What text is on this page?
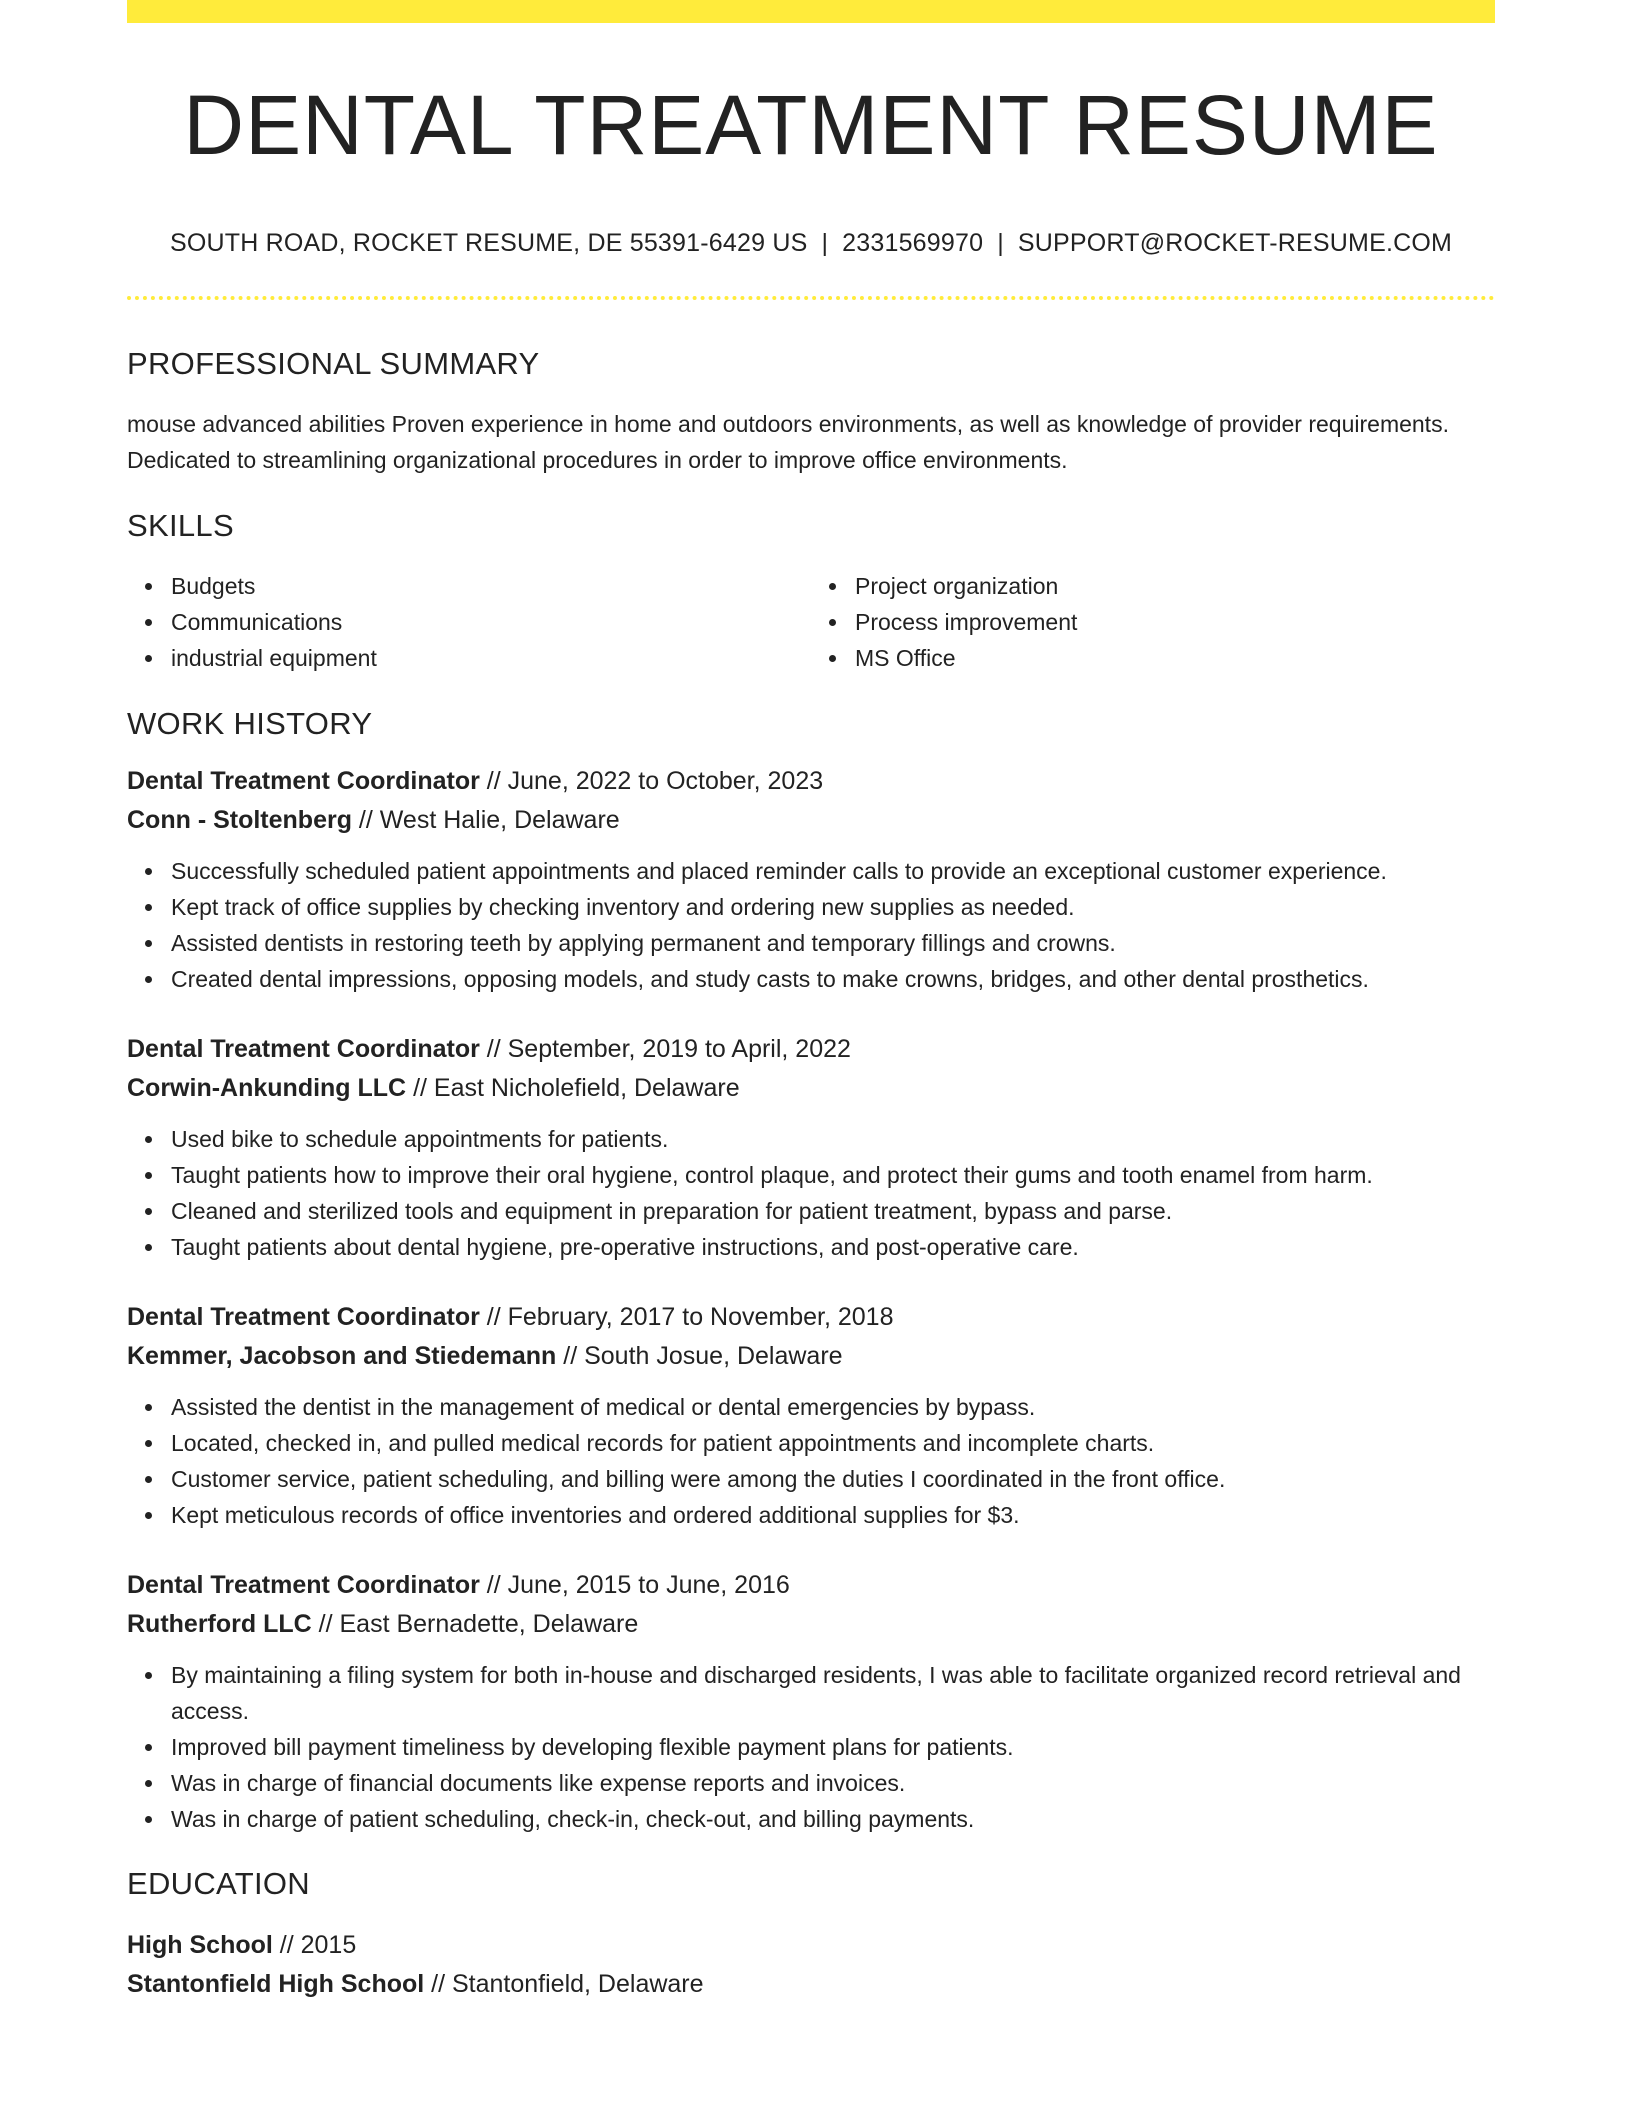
DENTAL TREATMENT RESUME
SOUTH ROAD, ROCKET RESUME, DE 55391-6429 US | 2331569970 | SUPPORT@ROCKET-RESUME.COM
PROFESSIONAL SUMMARY

mouse advanced abilities Proven experience in home and outdoors environments, as well as knowledge of provider requirements. Dedicated to streamlining organizational procedures in order to improve office environments.

SKILLS
Budgets
Communications
industrial equipment
Project organization
Process improvement
MS Office
WORK HISTORY
Dental Treatment Coordinator // June, 2022 to October, 2023
Conn - Stoltenberg // West Halie, Delaware
Successfully scheduled patient appointments and placed reminder calls to provide an exceptional customer experience.
Kept track of office supplies by checking inventory and ordering new supplies as needed.
Assisted dentists in restoring teeth by applying permanent and temporary fillings and crowns.
Created dental impressions, opposing models, and study casts to make crowns, bridges, and other dental prosthetics.
Dental Treatment Coordinator // September, 2019 to April, 2022
Corwin-Ankunding LLC // East Nicholefield, Delaware
Used bike to schedule appointments for patients.
Taught patients how to improve their oral hygiene, control plaque, and protect their gums and tooth enamel from harm.
Cleaned and sterilized tools and equipment in preparation for patient treatment, bypass and parse.
Taught patients about dental hygiene, pre-operative instructions, and post-operative care.
Dental Treatment Coordinator // February, 2017 to November, 2018
Kemmer, Jacobson and Stiedemann // South Josue, Delaware
Assisted the dentist in the management of medical or dental emergencies by bypass.
Located, checked in, and pulled medical records for patient appointments and incomplete charts.
Customer service, patient scheduling, and billing were among the duties I coordinated in the front office.
Kept meticulous records of office inventories and ordered additional supplies for $3.
Dental Treatment Coordinator // June, 2015 to June, 2016
Rutherford LLC // East Bernadette, Delaware
By maintaining a filing system for both in-house and discharged residents, I was able to facilitate organized record retrieval and access.
Improved bill payment timeliness by developing flexible payment plans for patients.
Was in charge of financial documents like expense reports and invoices.
Was in charge of patient scheduling, check-in, check-out, and billing payments.
EDUCATION
High School // 2015
Stantonfield High School // Stantonfield, Delaware
